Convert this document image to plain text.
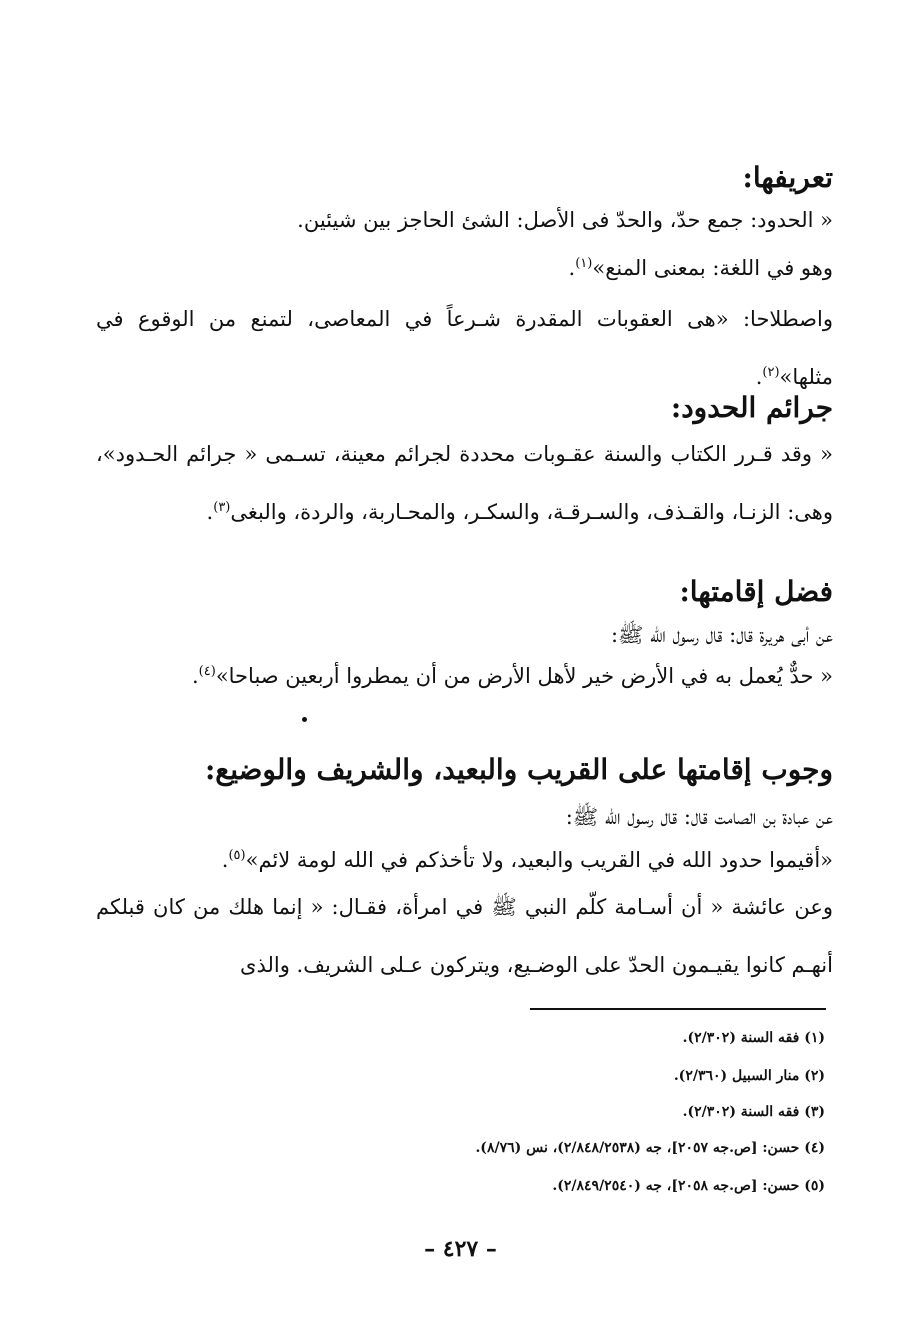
تعريفها:
« الحدود: جمع حدّ، والحدّ فى الأصل: الشئ الحاجز بين شيئين.
وهو في اللغة: بمعنى المنع»$^{(١)}$.
واصطلاحا: «هى العقوبات المقدرة شـرعاً في المعاصى، لتمنع من الوقوع في مثلها»$^{(٢)}$.
جرائم الحدود:
« وقد قـرر الكتاب والسنة عقـوبات محددة لجرائم معينة، تسـمى « جرائم الحـدود»، وهى: الزنـا، والقـذف، والسـرقـة، والسكـر، والمحـاربة، والردة، والبغى$^{(٣)}$.
فضل إقامتها:
عن أبى هريرة قال: قال رسول الله ﷺ:
« حدٌّ يُعمل به في الأرض خير لأهل الأرض من أن يمطروا أربعين صباحا»$^{(٤)}$.
وجوب إقامتها على القريب والبعيد، والشريف والوضيع:
عن عبادة بن الصامت قال: قال رسول الله ﷺ:
«أقيموا حدود الله في القريب والبعيد، ولا تأخذكم في الله لومة لائم»$^{(٥)}$.
وعن عائشة « أن أسـامة كلّم النبي ﷺ في امرأة، فقـال: « إنما هلك من كان قبلكم أنهـم كانوا يقيـمون الحدّ على الوضـيع، ويتركون عـلى الشريف. والذى
(١) فقه السنة (٢/٣٠٢).
(٢) منار السبيل (٢/٣٦٠).
(٣) فقه السنة (٢/٣٠٢).
(٤) حسن: [ص.جه ٢٠٥٧]، جه (٢/٨٤٨/٢٥٣٨)، نس (٨/٧٦).
(٥) حسن: [ص.جه ٢٠٥٨]، جه (٢/٨٤٩/٢٥٤٠).
– ٤٢٧ –
